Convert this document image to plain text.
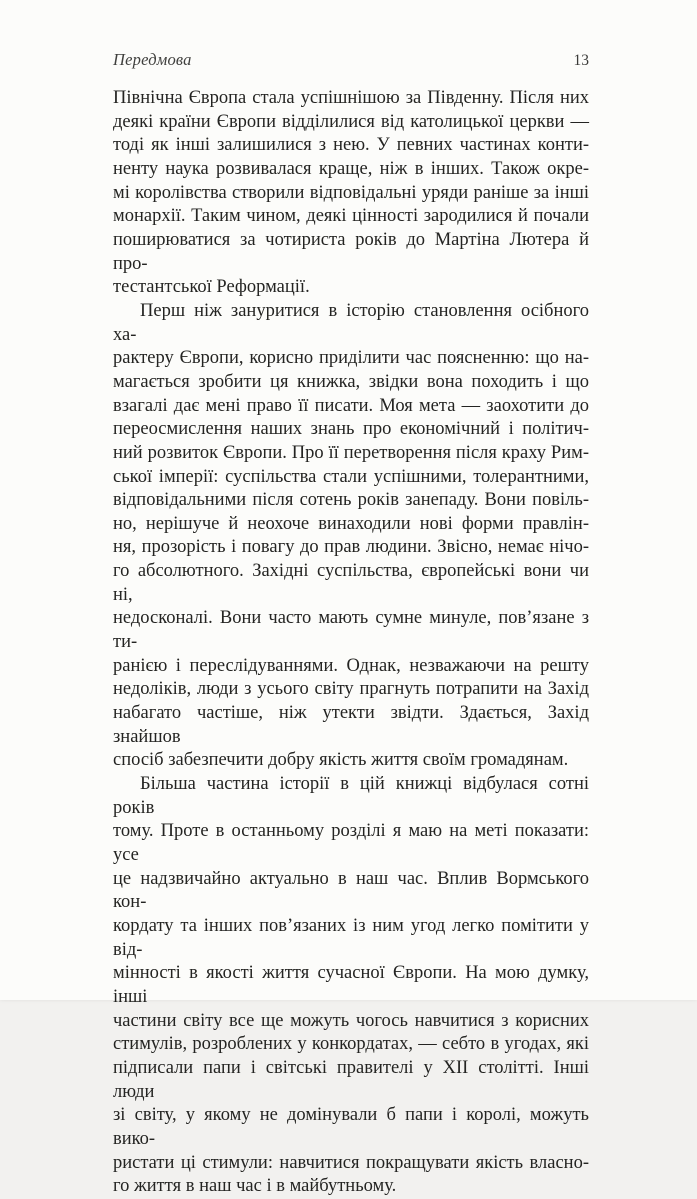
Передмова	13
Північна Європа стала успішнішою за Південну. Після них
деякі країни Європи відділилися від католицької церкви —
тоді як інші залишилися з нею. У певних частинах конти-
ненту наука розвивалася краще, ніж в інших. Також окре-
мі королівства створили відповідальні уряди раніше за інші
монархії. Таким чином, деякі цінності зародилися й почали
поширюватися за чотириста років до Мартіна Лютера й про-
тестантської Реформації.
Перш ніж зануритися в історію становлення осібного ха-
рактеру Європи, корисно приділити час поясненню: що на-
магається зробити ця книжка, звідки вона походить і що
взагалі дає мені право її писати. Моя мета — заохотити до
переосмислення наших знань про економічний і політич-
ний розвиток Європи. Про її перетворення після краху Рим-
ської імперії: суспільства стали успішними, толерантними,
відповідальними після сотень років занепаду. Вони повіль-
но, нерішуче й неохоче винаходили нові форми правлін-
ня, прозорість і повагу до прав людини. Звісно, немає нічо-
го абсолютного. Західні суспільства, європейські вони чи ні,
недосконалі. Вони часто мають сумне минуле, пов’язане з ти-
ранією і переслідуваннями. Однак, незважаючи на решту
недоліків, люди з усього світу прагнуть потрапити на Захід
набагато частіше, ніж утекти звідти. Здається, Захід знайшов
спосіб забезпечити добру якість життя своїм громадянам.
Більша частина історії в цій книжці відбулася сотні років
тому. Проте в останньому розділі я маю на меті показати: усе
це надзвичайно актуально в наш час. Вплив Вормського кон-
кордату та інших пов’язаних із ним угод легко помітити у від-
мінності в якості життя сучасної Європи. На мою думку, інші
частини світу все ще можуть чогось навчитися з корисних
стимулів, розроблених у конкордатах, — себто в угодах, які
підписали папи і світські правителі у XII столітті. Інші люди
зі світу, у якому не домінували б папи і королі, можуть вико-
ристати ці стимули: навчитися покращувати якість власно-
го життя в наш час і в майбутньому.
